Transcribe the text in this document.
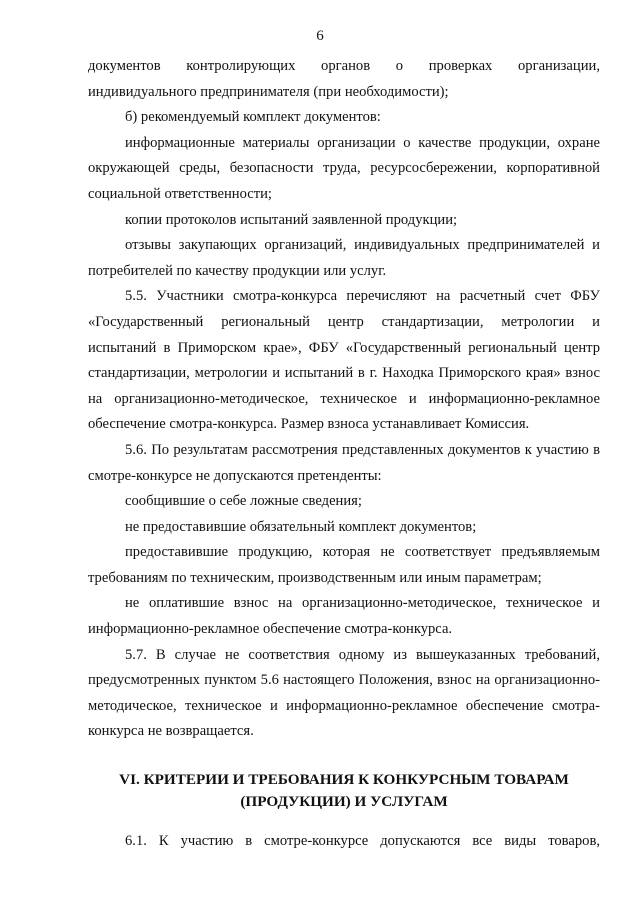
6

документов контролирующих органов о проверках организации, индивидуального предпринимателя (при необходимости);

б) рекомендуемый комплект документов:

информационные материалы организации о качестве продукции, охране окружающей среды, безопасности труда, ресурсосбережении, корпоративной социальной ответственности;

копии протоколов испытаний заявленной продукции;

отзывы закупающих организаций, индивидуальных предпринимателей и потребителей по качеству продукции или услуг.

5.5. Участники смотра-конкурса перечисляют на расчетный счет ФБУ «Государственный региональный центр стандартизации, метрологии и испытаний в Приморском крае», ФБУ «Государственный региональный центр стандартизации, метрологии и испытаний в г. Находка Приморского края» взнос на организационно-методическое, техническое и информационно-рекламное обеспечение смотра-конкурса. Размер взноса устанавливает Комиссия.

5.6. По результатам рассмотрения представленных документов к участию в смотре-конкурсе не допускаются претенденты:

сообщившие о себе ложные сведения;

не предоставившие обязательный комплект документов;

предоставившие продукцию, которая не соответствует предъявляемым требованиям по техническим, производственным или иным параметрам;

не оплатившие взнос на организационно-методическое, техническое и информационно-рекламное обеспечение смотра-конкурса.

5.7. В случае не соответствия одному из вышеуказанных требований, предусмотренных пунктом 5.6 настоящего Положения, взнос на организационно-методическое, техническое и информационно-рекламное обеспечение смотра-конкурса не возвращается.

VI. КРИТЕРИИ И ТРЕБОВАНИЯ К КОНКУРСНЫМ ТОВАРАМ
(ПРОДУКЦИИ) И УСЛУГАМ

6.1. К участию в смотре-конкурсе допускаются все виды товаров,
